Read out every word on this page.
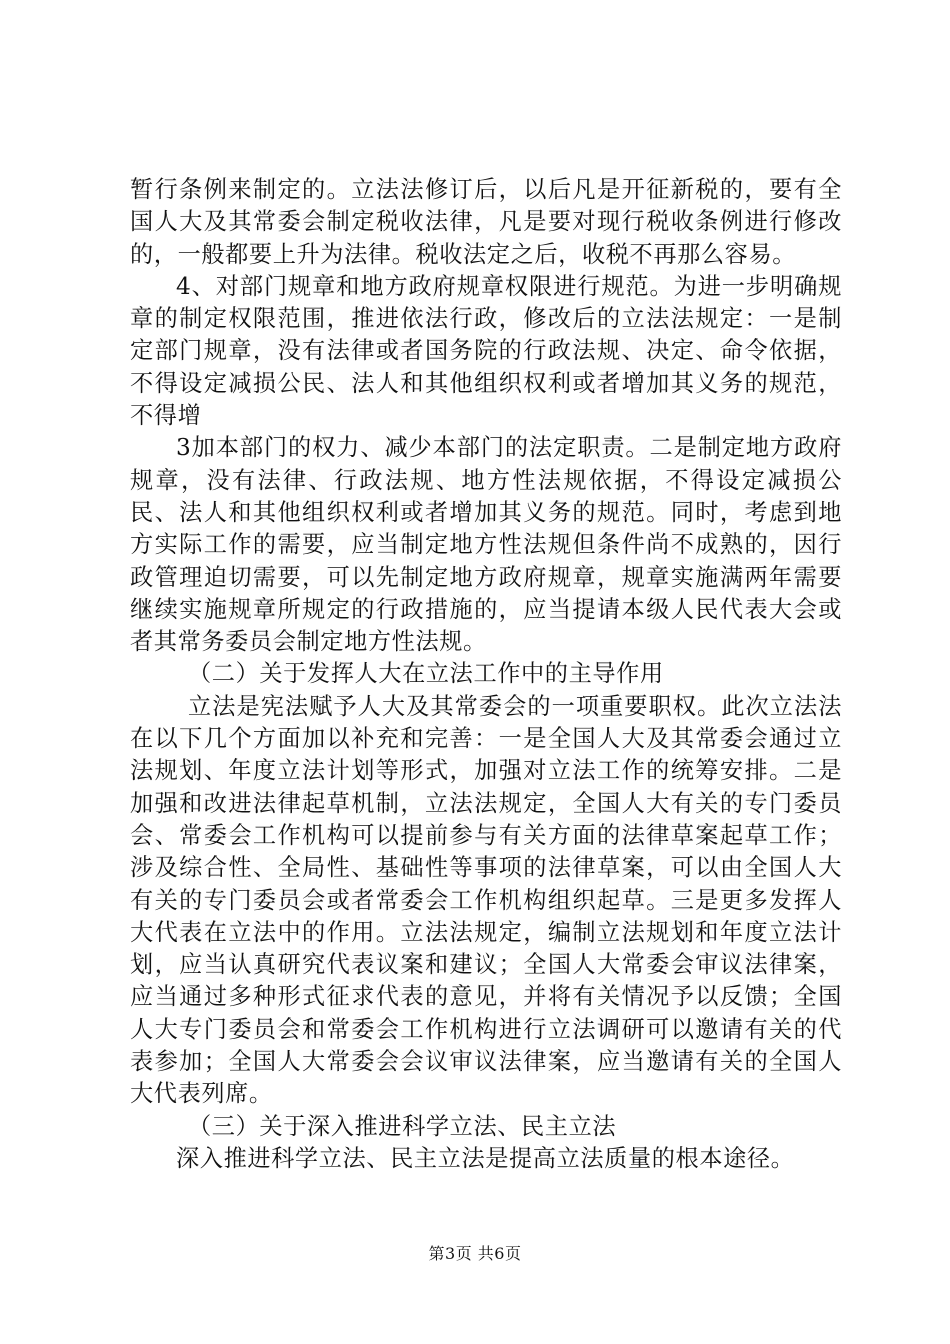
暂行条例来制定的。立法法修订后，以后凡是开征新税的，要有全国人大及其常委会制定税收法律，凡是要对现行税收条例进行修改的，一般都要上升为法律。税收法定之后，收税不再那么容易。

4、对部门规章和地方政府规章权限进行规范。为进一步明确规章的制定权限范围，推进依法行政，修改后的立法法规定：一是制定部门规章，没有法律或者国务院的行政法规、决定、命令依据，不得设定减损公民、法人和其他组织权利或者增加其义务的规范，不得增

3加本部门的权力、减少本部门的法定职责。二是制定地方政府规章，没有法律、行政法规、地方性法规依据，不得设定减损公民、法人和其他组织权利或者增加其义务的规范。同时，考虑到地方实际工作的需要，应当制定地方性法规但条件尚不成熟的，因行政管理迫切需要，可以先制定地方政府规章，规章实施满两年需要继续实施规章所规定的行政措施的，应当提请本级人民代表大会或者其常务委员会制定地方性法规。

（二）关于发挥人大在立法工作中的主导作用

立法是宪法赋予人大及其常委会的一项重要职权。此次立法法在以下几个方面加以补充和完善：一是全国人大及其常委会通过立法规划、年度立法计划等形式，加强对立法工作的统筹安排。二是加强和改进法律起草机制，立法法规定，全国人大有关的专门委员会、常委会工作机构可以提前参与有关方面的法律草案起草工作；涉及综合性、全局性、基础性等事项的法律草案，可以由全国人大有关的专门委员会或者常委会工作机构组织起草。三是更多发挥人大代表在立法中的作用。立法法规定，编制立法规划和年度立法计划，应当认真研究代表议案和建议；全国人大常委会审议法律案，应当通过多种形式征求代表的意见，并将有关情况予以反馈；全国人大专门委员会和常委会工作机构进行立法调研可以邀请有关的代表参加；全国人大常委会会议审议法律案，应当邀请有关的全国人大代表列席。

（三）关于深入推进科学立法、民主立法

深入推进科学立法、民主立法是提高立法质量的根本途径。

第3页 共6页
